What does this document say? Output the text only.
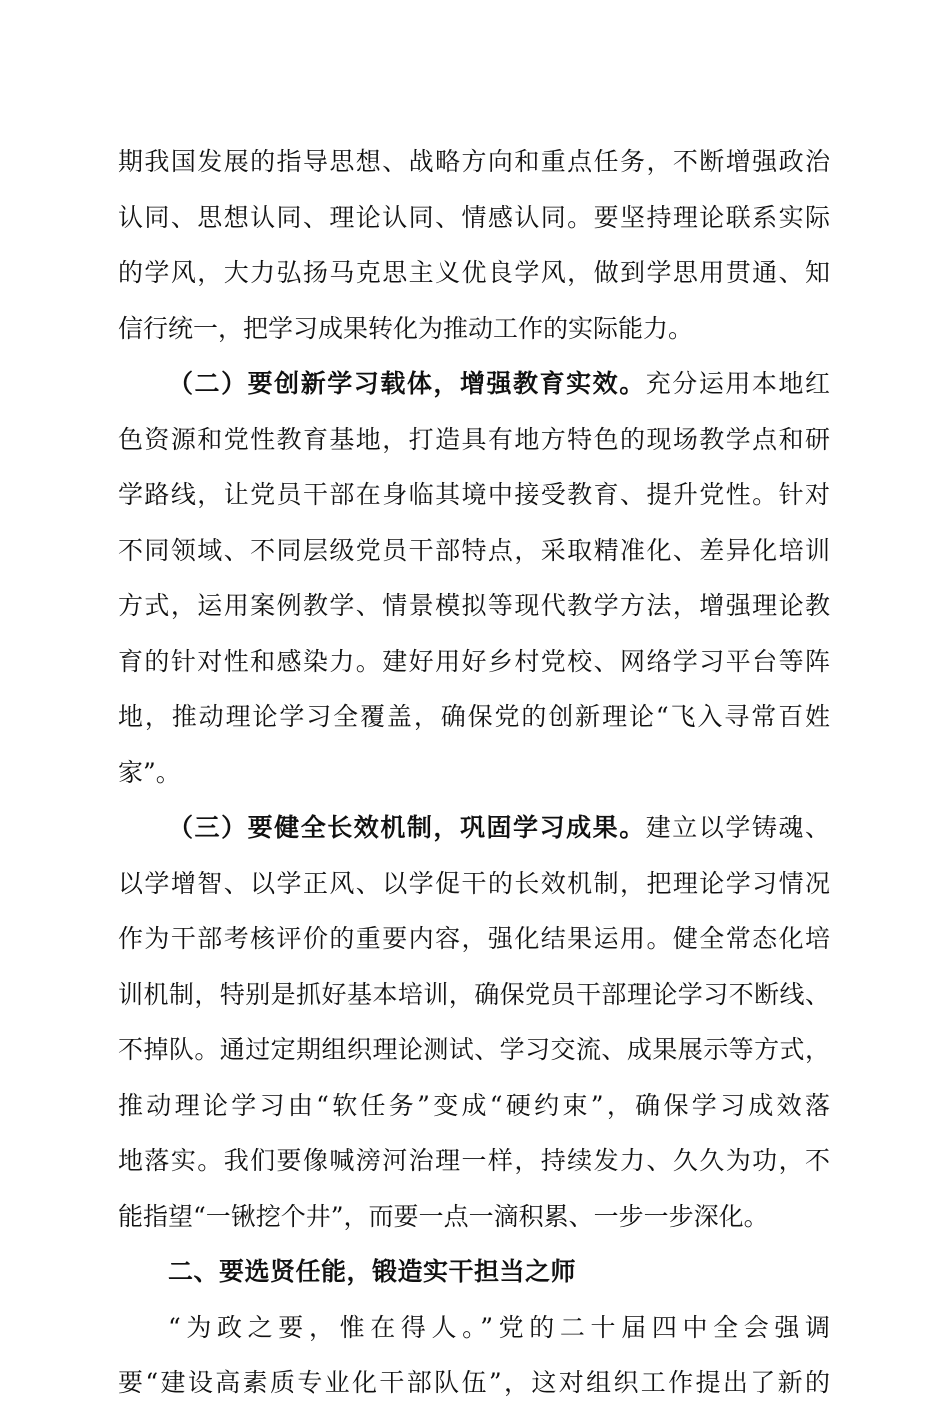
期我国发展的指导思想、战略方向和重点任务，不断增强政治
认同、思想认同、理论认同、情感认同。要坚持理论联系实际
的学风，大力弘扬马克思主义优良学风，做到学思用贯通、知
信行统一，把学习成果转化为推动工作的实际能力。
（二）要创新学习载体，增强教育实效。充分运用本地红
色资源和党性教育基地，打造具有地方特色的现场教学点和研
学路线，让党员干部在身临其境中接受教育、提升党性。针对
不同领域、不同层级党员干部特点，采取精准化、差异化培训
方式，运用案例教学、情景模拟等现代教学方法，增强理论教
育的针对性和感染力。建好用好乡村党校、网络学习平台等阵
地，推动理论学习全覆盖，确保党的创新理论“飞入寻常百姓
家”。
（三）要健全长效机制，巩固学习成果。建立以学铸魂、
以学增智、以学正风、以学促干的长效机制，把理论学习情况
作为干部考核评价的重要内容，强化结果运用。健全常态化培
训机制，特别是抓好基本培训，确保党员干部理论学习不断线、
不掉队。通过定期组织理论测试、学习交流、成果展示等方式，
推动理论学习由“软任务”变成“硬约束”，确保学习成效落
地落实。我们要像喊滂河治理一样，持续发力、久久为功，不
能指望“一锹挖个井”，而要一点一滴积累、一步一步深化。
二、要选贤任能，锻造实干担当之师
“为政之要，惟在得人。”党的二十届四中全会强调
要“建设高素质专业化干部队伍”，这对组织工作提出了新的
